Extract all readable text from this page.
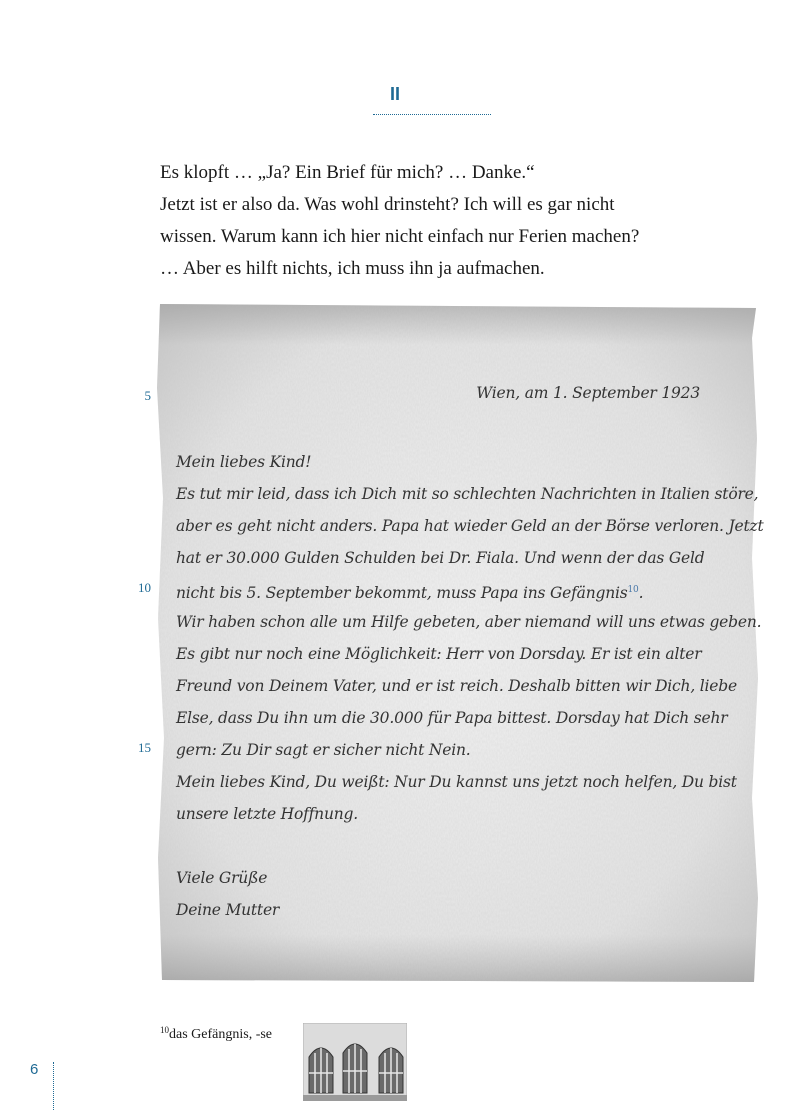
II

Es klopft … „Ja? Ein Brief für mich? … Danke.“

Jetzt ist er also da. Was wohl drinsteht? Ich will es gar nicht

wissen. Warum kann ich hier nicht einfach nur Ferien machen?

… Aber es hilft nichts, ich muss ihn ja aufmachen.

5
10
15
Wien, am 1. September 1923
Mein liebes Kind!
Es tut mir leid, dass ich Dich mit so schlechten Nachrichten in Italien störe,
aber es geht nicht anders. Papa hat wieder Geld an der Börse verloren. Jetzt
hat er 30.000 Gulden Schulden bei Dr. Fiala. Und wenn der das Geld
nicht bis 5. September bekommt, muss Papa ins Gefängnis$^{10}$.
Wir haben schon alle um Hilfe gebeten, aber niemand will uns etwas geben.
Es gibt nur noch eine Möglichkeit: Herr von Dorsday. Er ist ein alter
Freund von Deinem Vater, und er ist reich. Deshalb bitten wir Dich, liebe
Else, dass Du ihn um die 30.000 für Papa bittest. Dorsday hat Dich sehr
gern: Zu Dir sagt er sicher nicht Nein.
Mein liebes Kind, Du weißt: Nur Du kannst uns jetzt noch helfen, Du bist
unsere letzte Hoffnung.
Viele Grüße
Deine Mutter
$^{10}$das Gefängnis, -se
6
